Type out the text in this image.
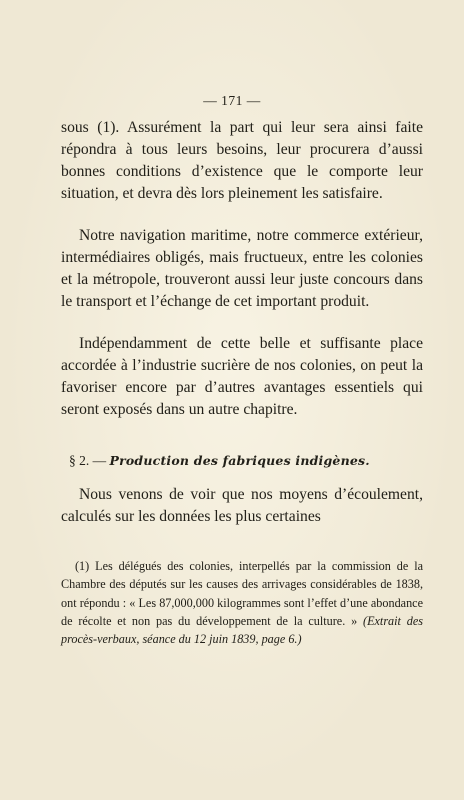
— 171 —

sous (1). Assurément la part qui leur sera ainsi faite répondra à tous leurs besoins, leur procurera d’aussi bonnes conditions d’existence que le comporte leur situation, et devra dès lors pleinement les satisfaire.

Notre navigation maritime, notre commerce extérieur, intermédiaires obligés, mais fructueux, entre les colonies et la métropole, trouveront aussi leur juste concours dans le transport et l’échange de cet important produit.

Indépendamment de cette belle et suffisante place accordée à l’industrie sucrière de nos colonies, on peut la favoriser encore par d’autres avantages essentiels qui seront exposés dans un autre chapitre.

§ 2. — Production des fabriques indigènes.

Nous venons de voir que nos moyens d’écoulement, calculés sur les données les plus certaines

(1) Les délégués des colonies, interpellés par la commission de la Chambre des députés sur les causes des arrivages considérables de 1838, ont répondu : « Les 87,000,000 kilogrammes sont l’effet d’une abondance de récolte et non pas du développement de la culture. » (Extrait des procès-verbaux, séance du 12 juin 1839, page 6.)
